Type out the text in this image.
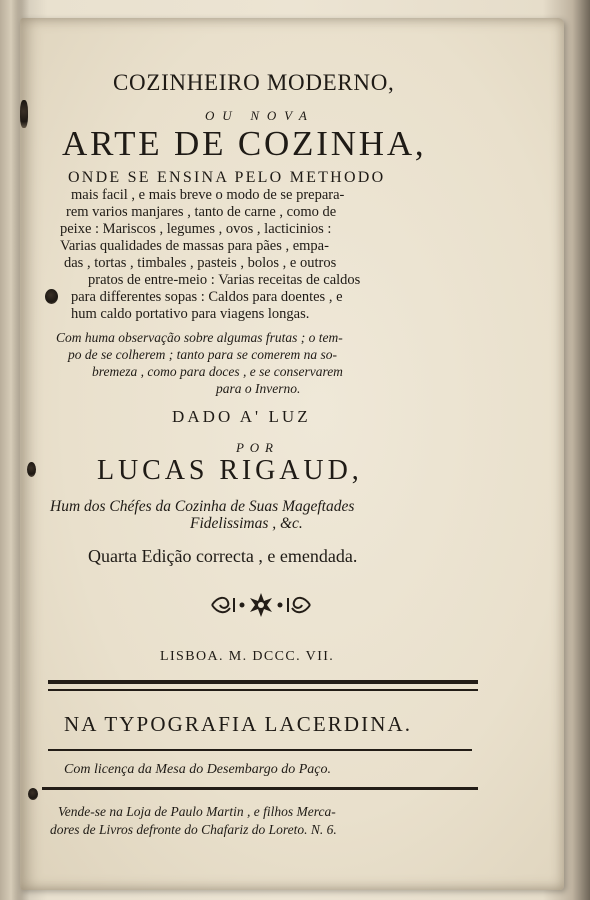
COZINHEIRO MODERNO,
OU NOVA
ARTE DE COZINHA,
ONDE SE ENSINA PELO METHODO
mais facil , e mais breve o modo de se prepara-
rem varios manjares , tanto de carne , como de
peixe : Mariscos , legumes , ovos , lacticinios :
Varias qualidades de massas para pães , empa-
das , tortas , timbales , pasteis , bolos , e outros
pratos de entre-meio : Varias receitas de caldos
para differentes sopas : Caldos para doentes , e
hum caldo portativo para viagens longas.
Com huma observação sobre algumas frutas ; o tem-
po de se colherem ; tanto para se comerem na so-
bremeza , como para doces , e se conservarem
para o Inverno.
DADO A' LUZ
POR
LUCAS RIGAUD,
Hum dos Chéfes da Cozinha de Suas Mageftades
Fidelissimas , &c.
Quarta Edição correcta , e emendada.
LISBOA. M. DCCC. VII.
NA TYPOGRAFIA LACERDINA.
Com licença da Mesa do Desembargo do Paço.
Vende-se na Loja de Paulo Martin , e filhos Merca-
dores de Livros defronte do Chafariz do Loreto. N. 6.
